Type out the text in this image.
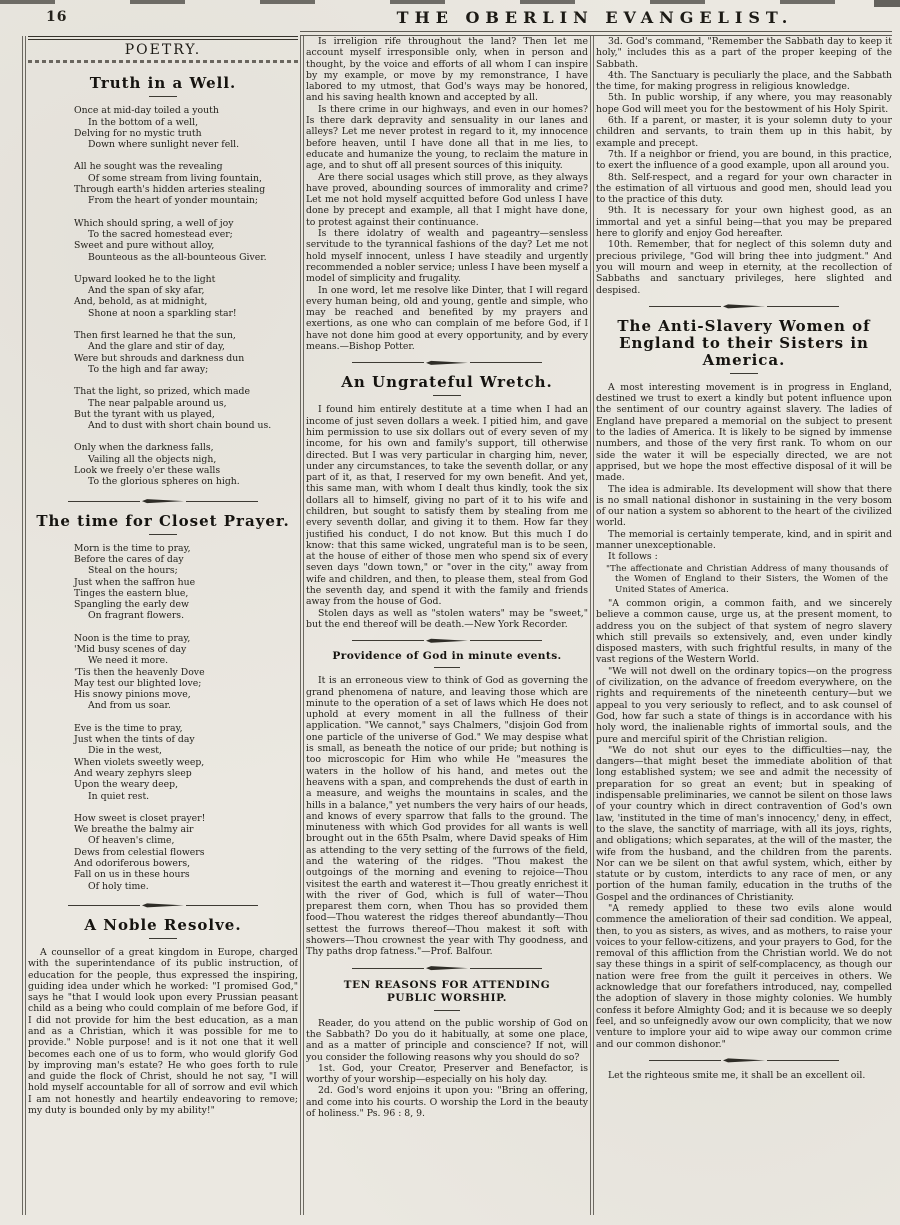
16	THE OBERLIN EVANGELIST.
POETRY.
Truth in a Well.
Once at mid-day toiled a youth
In the bottom of a well,
Delving for no mystic truth
Down where sunlight never fell.
All he sought was the revealing
Of some stream from living fountain,
Through earth's hidden arteries stealing
From the heart of yonder mountain;
Which should spring, a well of joy
To the sacred homestead ever;
Sweet and pure without alloy,
Bounteous as the all-bounteous Giver.
Upward looked he to the light
And the span of sky afar,
And, behold, as at midnight,
Shone at noon a sparkling star!
Then first learned he that the sun,
And the glare and stir of day,
Were but shrouds and darkness dun
To the high and far away;
That the light, so prized, which made
The near palpable around us,
But the tyrant with us played,
And to dust with short chain bound us.
Only when the darkness falls,
Vailing all the objects nigh,
Look we freely o'er these walls
To the glorious spheres on high.
The time for Closet Prayer.
Morn is the time to pray,
Before the cares of day
Steal on the hours;
Just when the saffron hue
Tinges the eastern blue,
Spangling the early dew
On fragrant flowers.
Noon is the time to pray,
'Mid busy scenes of day
We need it more.
'Tis then the heavenly Dove
May test our blighted love;
His snowy pinions move,
And from us soar.
Eve is the time to pray,
Just when the tints of day
Die in the west,
When violets sweetly weep,
And weary zephyrs sleep
Upon the weary deep,
In quiet rest.
How sweet is closet prayer!
We breathe the balmy air
Of heaven's clime,
Dews from celestial flowers
And odoriferous bowers,
Fall on us in these hours
Of holy time.
A Noble Resolve.
A counsellor of a great kingdom in Europe, charged with the superintendance of its public instruction, of education for the people, thus expressed the inspiring, guiding idea under which he worked: "I promised God," says he "that I would look upon every Prussian peasant child as a being who could complain of me before God, if I did not provide for him the best education, as a man and as a Christian, which it was possible for me to provide." Noble purpose! and is it not one that it well becomes each one of us to form, who would glorify God by improving man's estate? He who goes forth to rule and guide the flock of Christ, should he not say, "I will hold myself accountable for all of sorrow and evil which I am not honestly and heartily endeavoring to remove; my duty is bounded only by my ability!"
Is irreligion rife throughout the land? Then let me account myself irresponsible only, when in person and thought, by the voice and efforts of all whom I can inspire by my example, or move by my remonstrance, I have labored to my utmost, that God's ways may be honored, and his saving health known and accepted by all.
Is there crime in our highways, and even in our homes? Is there dark depravity and sensuality in our lanes and alleys? Let me never protest in regard to it, my innocence before heaven, until I have done all that in me lies, to educate and humanize the young, to reclaim the mature in age, and to shut off all present sources of this iniquity.
Are there social usages which still prove, as they always have proved, abounding sources of immorality and crime? Let me not hold myself acquitted before God unless I have done by precept and example, all that I might have done, to protest against their continuance.
Is there idolatry of wealth and pageantry—sensless servitude to the tyrannical fashions of the day? Let me not hold myself innocent, unless I have steadily and urgently recommended a nobler service; unless I have been myself a model of simplicity and frugality.
In one word, let me resolve like Dinter, that I will regard every human being, old and young, gentle and simple, who may be reached and benefited by my prayers and exertions, as one who can complain of me before God, if I have not done him good at every opportunity, and by every means.—Bishop Potter.
An Ungrateful Wretch.
I found him entirely destitute at a time when I had an income of just seven dollars a week. I pitied him, and gave him permission to use six dollars out of every seven of my income, for his own and family's support, till otherwise directed. But I was very particular in charging him, never, under any circumstances, to take the seventh dollar, or any part of it, as that, I reserved for my own benefit. And yet, this same man, with whom I dealt thus kindly, took the six dollars all to himself, giving no part of it to his wife and children, but sought to satisfy them by stealing from me every seventh dollar, and giving it to them. How far they justified his conduct, I do not know. But this much I do know: that this same wicked, ungrateful man is to be seen, at the house of either of those men who spend six of every seven days "down town," or "over in the city," away from wife and children, and then, to please them, steal from God the seventh day, and spend it with the family and friends away from the house of God.
Stolen days as well as "stolen waters" may be "sweet," but the end thereof will be death.—New York Recorder.
Providence of God in minute events.
It is an erroneous view to think of God as governing the grand phenomena of nature, and leaving those which are minute to the operation of a set of laws which He does not uphold at every moment in all the fullness of their application. "We cannot," says Chalmers, "disjoin God from one particle of the universe of God." We may despise what is small, as beneath the notice of our pride; but nothing is too microscopic for Him who while He "measures the waters in the hollow of his hand, and metes out the heavens with a span, and comprehends the dust of earth in a measure, and weighs the mountains in scales, and the hills in a balance," yet numbers the very hairs of our heads, and knows of every sparrow that falls to the ground. The minuteness with which God provides for all wants is well brought out in the 65th Psalm, where David speaks of Him as attending to the very setting of the furrows of the field, and the watering of the ridges. "Thou makest the outgoings of the morning and evening to rejoice—Thou visitest the earth and waterest it—Thou greatly enrichest it with the river of God, which is full of water—Thou preparest them corn, when Thou has so provided them food—Thou waterest the ridges thereof abundantly—Thou settest the furrows thereof—Thou makest it soft with showers—Thou crownest the year with Thy goodness, and Thy paths drop fatness."—Prof. Balfour.
TEN REASONS FOR ATTENDING PUBLIC WORSHIP.
Reader, do you attend on the public worship of God on the Sabbath? Do you do it habitually, at some one place, and as a matter of principle and conscience? If not, will you consider the following reasons why you should do so?
1st. God, your Creator, Preserver and Benefactor, is worthy of your worship—especially on his holy day.
2d. God's word enjoins it upon you: "Bring an offering, and come into his courts. O worship the Lord in the beauty of holiness." Ps. 96 : 8, 9.
3d. God's command, "Remember the Sabbath day to keep it holy," includes this as a part of the proper keeping of the Sabbath.
4th. The Sanctuary is peculiarly the place, and the Sabbath the time, for making progress in religious knowledge.
5th. In public worship, if any where, you may reasonably hope God will meet you for the bestowment of his Holy Spirit.
6th. If a parent, or master, it is your solemn duty to your children and servants, to train them up in this habit, by example and precept.
7th. If a neighbor or friend, you are bound, in this practice, to exert the influence of a good example, upon all around you.
8th. Self-respect, and a regard for your own character in the estimation of all virtuous and good men, should lead you to the practice of this duty.
9th. It is necessary for your own highest good, as an immortal and yet a sinful being—that you may be prepared here to glorify and enjoy God hereafter.
10th. Remember, that for neglect of this solemn duty and precious privilege, "God will bring thee into judgment." And you will mourn and weep in eternity, at the recollection of Sabbaths and sanctuary privileges, here slighted and despised.
The Anti-Slavery Women of England to their Sisters in America.
A most interesting movement is in progress in England, destined we trust to exert a kindly but potent influence upon the sentiment of our country against slavery. The ladies of England have prepared a memorial on the subject to present to the ladies of America. It is likely to be signed by immense numbers, and those of the very first rank. To whom on our side the water it will be especially directed, we are not apprised, but we hope the most effective disposal of it will be made.
The idea is admirable. Its development will show that there is no small national dishonor in sustaining in the very bosom of our nation a system so abhorent to the heart of the civilized world.
The memorial is certainly temperate, kind, and in spirit and manner unexceptionable.
It follows :
"The affectionate and Christian Address of many thousands of the Women of England to their Sisters, the Women of the United States of America.
"A common origin, a common faith, and we sincerely believe a common cause, urge us, at the present moment, to address you on the subject of that system of negro slavery which still prevails so extensively, and, even under kindly disposed masters, with such frightful results, in many of the vast regions of the Western World.
"We will not dwell on the ordinary topics—on the progress of civilization, on the advance of freedom everywhere, on the rights and requirements of the nineteenth century—but we appeal to you very seriously to reflect, and to ask counsel of God, how far such a state of things is in accordance with his holy word, the inalienable rights of immortal souls, and the pure and merciful spirit of the Christian religion.
"We do not shut our eyes to the difficulties—nay, the dangers—that might beset the immediate abolition of that long established system; we see and admit the necessity of preparation for so great an event; but in speaking of indispensable preliminaries, we cannot be silent on those laws of your country which in direct contravention of God's own law, 'instituted in the time of man's innocency,' deny, in effect, to the slave, the sanctity of marriage, with all its joys, rights, and obligations; which separates, at the will of the master, the wife from the husband, and the children from the parents. Nor can we be silent on that awful system, which, either by statute or by custom, interdicts to any race of men, or any portion of the human family, education in the truths of the Gospel and the ordinances of Christianity.
"A remedy applied to these two evils alone would commence the amelioration of their sad condition. We appeal, then, to you as sisters, as wives, and as mothers, to raise your voices to your fellow-citizens, and your prayers to God, for the removal of this affliction from the Christian world. We do not say these things in a spirit of self-complacency, as though our nation were free from the guilt it perceives in others. We acknowledge that our forefathers introduced, nay, compelled the adoption of slavery in those mighty colonies. We humbly confess it before Almighty God; and it is because we so deeply feel, and so unfeignedly avow our own complicity, that we now venture to implore your aid to wipe away our common crime and our common dishonor."
Let the righteous smite me, it shall be an excellent oil.
